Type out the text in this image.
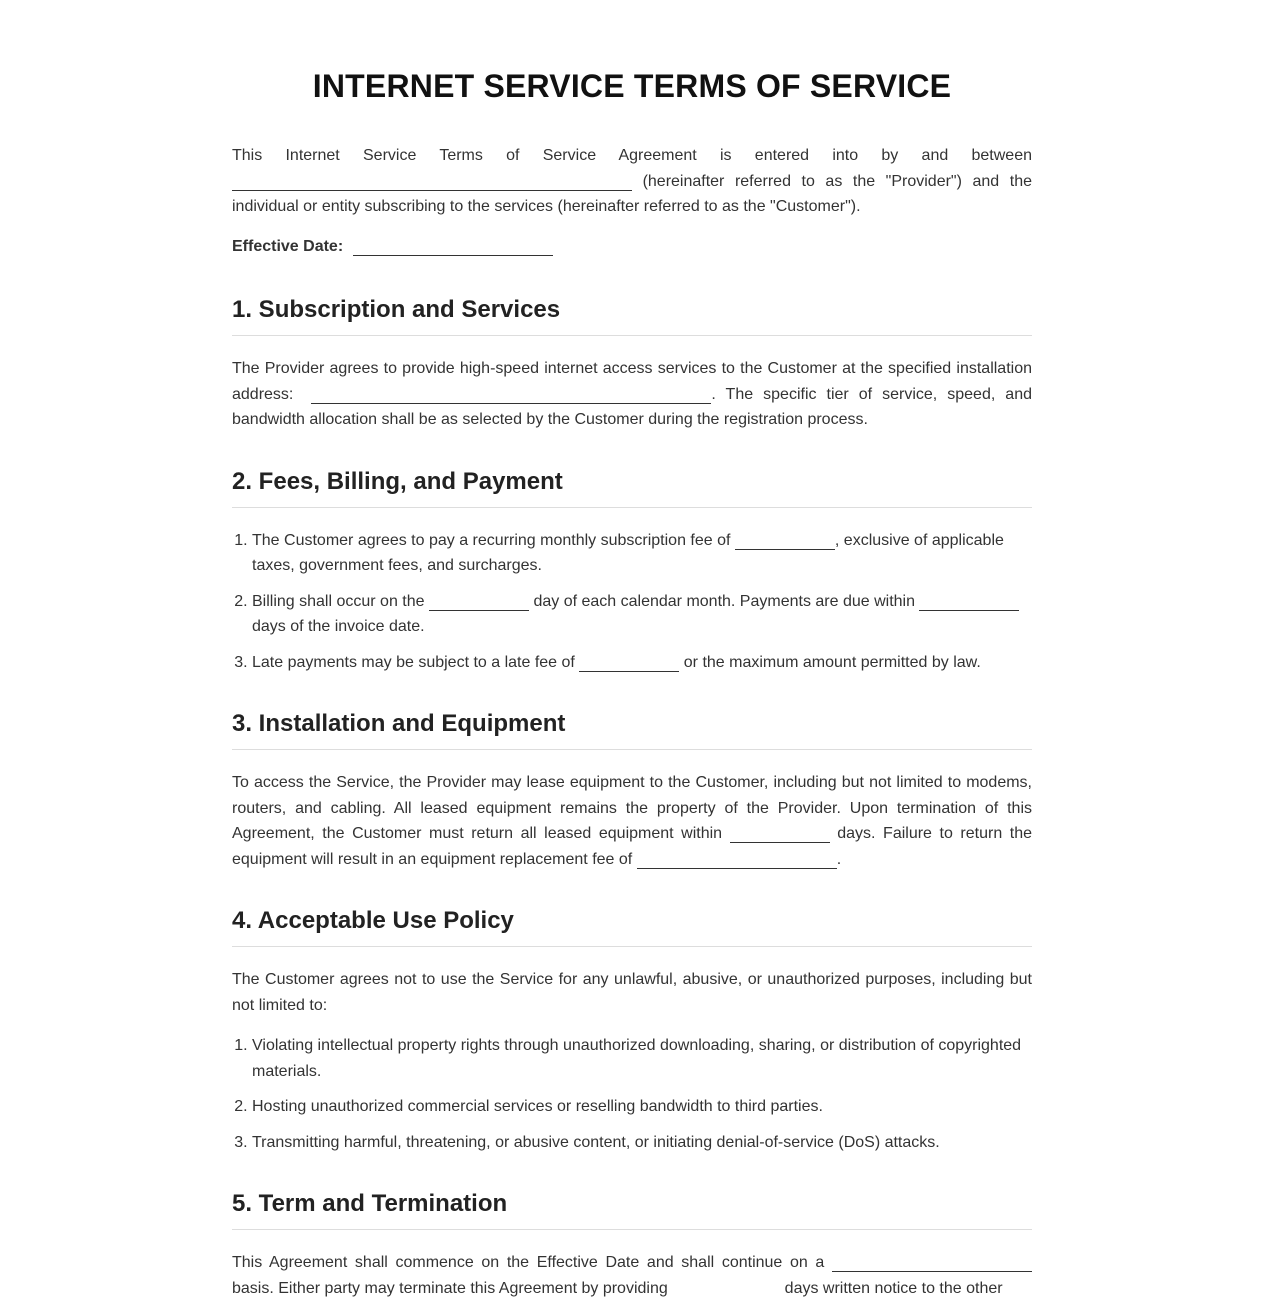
INTERNET SERVICE TERMS OF SERVICE

This Internet Service Terms of Service Agreement is entered into by and between  (hereinafter referred to as the "Provider") and the individual or entity subscribing to the services (hereinafter referred to as the "Customer").

Effective Date:

1. Subscription and Services

The Provider agrees to provide high-speed internet access services to the Customer at the specified installation address:	. The specific tier of service, speed, and bandwidth allocation shall be as selected by the Customer during the registration process.

2. Fees, Billing, and Payment
1. The Customer agrees to pay a recurring monthly subscription fee of	, exclusive of applicable taxes, government fees, and surcharges.
2. Billing shall occur on the	day of each calendar month. Payments are due within  days of the invoice date.
3. Late payments may be subject to a late fee of	or the maximum amount permitted by law.
3. Installation and Equipment

To access the Service, the Provider may lease equipment to the Customer, including but not limited to modems, routers, and cabling. All leased equipment remains the property of the Provider. Upon termination of this Agreement, the Customer must return all leased equipment within	days. Failure to return the equipment will result in an equipment replacement fee of	.

4. Acceptable Use Policy

The Customer agrees not to use the Service for any unlawful, abusive, or unauthorized purposes, including but not limited to:

1. Violating intellectual property rights through unauthorized downloading, sharing, or distribution of copyrighted materials.
2. Hosting unauthorized commercial services or reselling bandwidth to third parties.
3. Transmitting harmful, threatening, or abusive content, or initiating denial-of-service (DoS) attacks.
5. Term and Termination

This Agreement shall commence on the Effective Date and shall continue on a  basis. Either party may terminate this Agreement by providing	days written notice to the other
